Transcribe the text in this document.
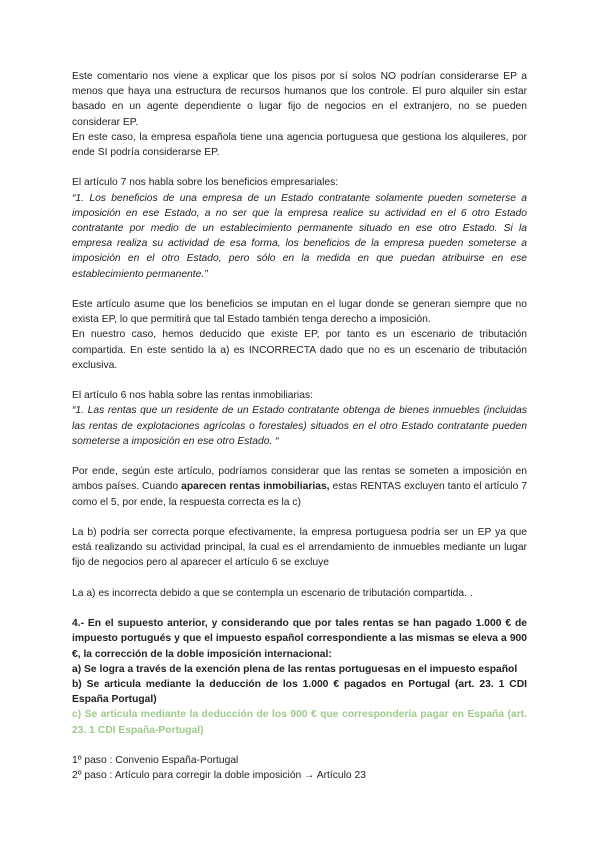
Este comentario nos viene a explicar que los pisos por sí solos NO podrían considerarse EP a menos que haya una estructura de recursos humanos que los controle. El puro alquiler sin estar basado en un agente dependiente o lugar fijo de negocios en el extranjero, no se pueden considerar EP.

En este caso, la empresa española tiene una agencia portuguesa que gestiona los alquileres, por ende SI podría considerarse EP.

El artículo 7 nos habla sobre los beneficios empresariales:

“1. Los beneficios de una empresa de un Estado contratante solamente pueden someterse a imposición en ese Estado, a no ser que la empresa realice su actividad en el 6 otro Estado contratante por medio de un establecimiento permanente situado en ese otro Estado. Si la empresa realiza su actividad de esa forma, los beneficios de la empresa pueden someterse a imposición en el otro Estado, pero sólo en la medida en que puedan atribuirse en ese establecimiento permanente.”

Este artículo asume que los beneficios se imputan en el lugar donde se generan siempre que no exista EP, lo que permitirá que tal Estado también tenga derecho a imposición.

En nuestro caso, hemos deducido que existe EP, por tanto es un escenario de tributación compartida. En este sentido la a) es INCORRECTA dado que no es un escenario de tributación exclusiva.

El artículo 6 nos habla sobre las rentas inmobiliarias:

“1. Las rentas que un residente de un Estado contratante obtenga de bienes inmuebles (incluidas las rentas de explotaciones agrícolas o forestales) situados en el otro Estado contratante pueden someterse a imposición en ese otro Estado. “

Por ende, según este artículo, podríamos considerar que las rentas se someten a imposición en ambos países. Cuando aparecen rentas inmobiliarias, estas RENTAS excluyen tanto el artículo 7 como el 5, por ende, la respuesta correcta es la c)

La b) podría ser correcta porque efectivamente, la empresa portuguesa podría ser un EP ya que está realizando su actividad principal, la cual es el arrendamiento de inmuebles mediante un lugar fijo de negocios pero al aparecer el artículo 6 se excluye

La a) es incorrecta debido a que se contempla un escenario de tributación compartida. .

4.- En el supuesto anterior, y considerando que por tales rentas se han pagado 1.000 € de impuesto portugués y que el impuesto español correspondiente a las mismas se eleva a 900 €, la corrección de la doble imposición internacional:

a) Se logra a través de la exención plena de las rentas portuguesas en el impuesto español

b) Se articula mediante la deducción de los 1.000 € pagados en Portugal (art. 23. 1 CDI España Portugal)

c) Se articula mediante la deducción de los 900 € que correspondería pagar en España (art. 23. 1 CDI España-Portugal)

1º paso : Convenio España-Portugal

2º paso : Artículo para corregir la doble imposición → Artículo 23
